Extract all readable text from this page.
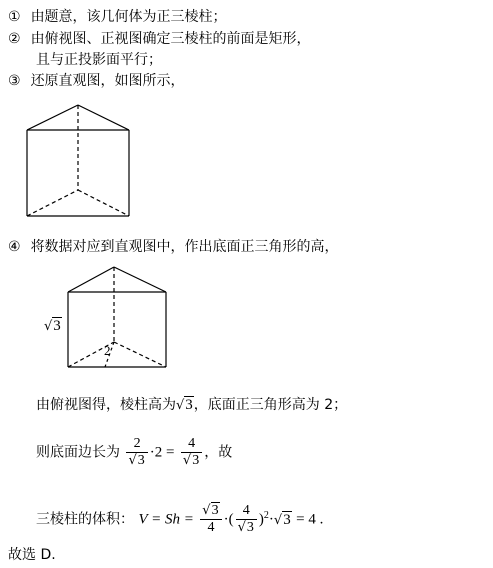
① 由题意，该几何体为正三棱柱；
② 由俯视图、正视图确定三棱柱的前面是矩形，
且与正投影面平行；
③ 还原直观图，如图所示，
④ 将数据对应到直观图中，作出底面正三角形的高，
√3
2
由俯视图得，棱柱高为√3，底面正三角形高为 2；
则底面边长为 $\frac{2}{√3} \cdot 2 = \frac{4}{√3}$ ，故
三棱柱的体积： $V = Sh = \frac{√3}{4}$ ·( $\frac{4}{√3} )^2\cdot√3 = 4$ .
故选 D.
